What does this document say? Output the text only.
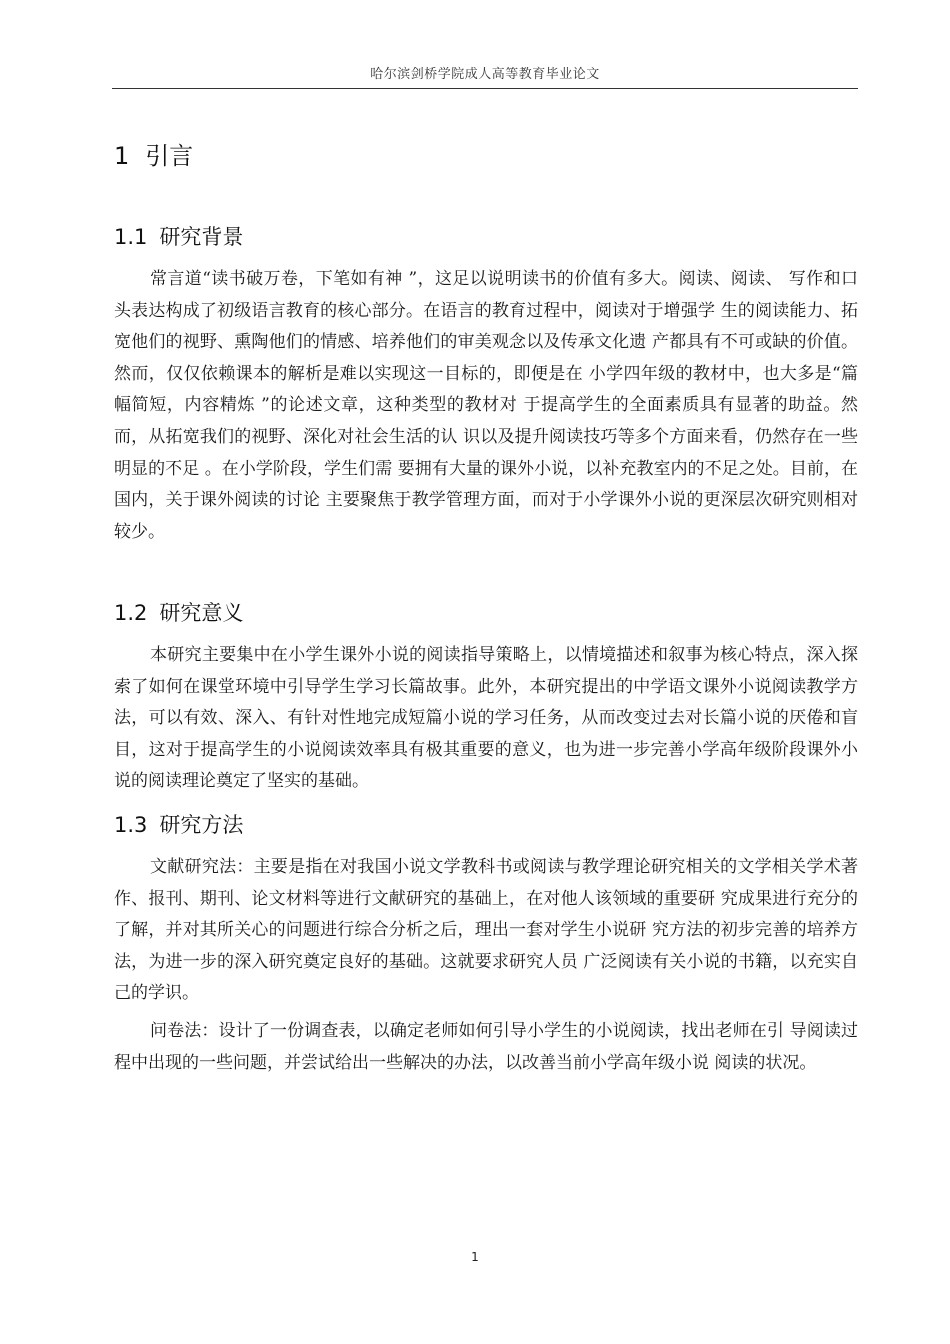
哈尔滨剑桥学院成人高等教育毕业论文
1 引言
1.1 研究背景

常言道“读书破万卷，下笔如有神 ”，这足以说明读书的价值有多大。阅读、阅读、 写作和口头表达构成了初级语言教育的核心部分。在语言的教育过程中，阅读对于增强学 生的阅读能力、拓宽他们的视野、熏陶他们的情感、培养他们的审美观念以及传承文化遗 产都具有不可或缺的价值。然而，仅仅依赖课本的解析是难以实现这一目标的，即便是在 小学四年级的教材中，也大多是“篇幅简短，内容精炼 ”的论述文章，这种类型的教材对 于提高学生的全面素质具有显著的助益。然而，从拓宽我们的视野、深化对社会生活的认 识以及提升阅读技巧等多个方面来看，仍然存在一些明显的不足 。在小学阶段，学生们需 要拥有大量的课外小说，以补充教室内的不足之处。目前，在国内，关于课外阅读的讨论 主要聚焦于教学管理方面，而对于小学课外小说的更深层次研究则相对较少。

1.2 研究意义

本研究主要集中在小学生课外小说的阅读指导策略上，以情境描述和叙事为核心特点，深入探索了如何在课堂环境中引导学生学习长篇故事。此外，本研究提出的中学语文课外小说阅读教学方法，可以有效、深入、有针对性地完成短篇小说的学习任务，从而改变过去对长篇小说的厌倦和盲目，这对于提高学生的小说阅读效率具有极其重要的意义，也为进一步完善小学高年级阶段课外小说的阅读理论奠定了坚实的基础。

1.3 研究方法

文献研究法：主要是指在对我国小说文学教科书或阅读与教学理论研究相关的文学相关学术著作、报刊、期刊、论文材料等进行文献研究的基础上，在对他人该领域的重要研 究成果进行充分的了解，并对其所关心的问题进行综合分析之后，理出一套对学生小说研 究方法的初步完善的培养方法，为进一步的深入研究奠定良好的基础。这就要求研究人员 广泛阅读有关小说的书籍，以充实自己的学识。

问卷法：设计了一份调查表，以确定老师如何引导小学生的小说阅读，找出老师在引 导阅读过程中出现的一些问题，并尝试给出一些解决的办法，以改善当前小学高年级小说 阅读的状况。

1
